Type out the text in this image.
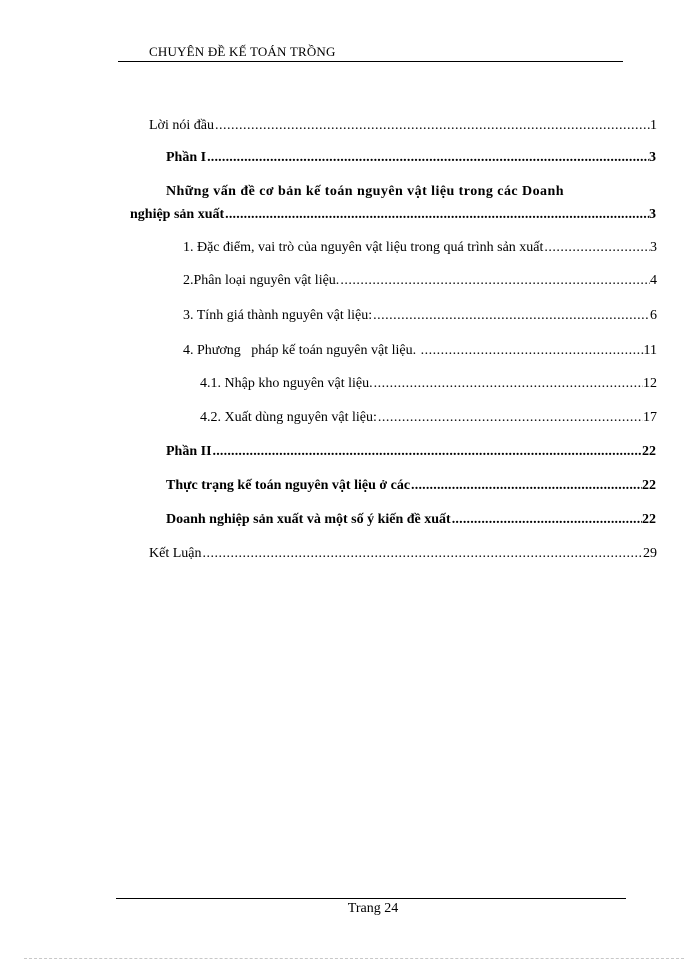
CHUYÊN ĐỀ KẾ TOÁN TRỒNG
Lời nói đầu .....	1
Phần I .....	3
Những vấn đề cơ bản kế toán nguyên vật liệu trong các Doanh
nghiệp sản xuất .....	3
1. Đặc điểm, vai trò của nguyên vật liệu trong quá trình sản xuất .....	3
2.Phân loại nguyên vật liệu. .....	4
3. Tính giá thành nguyên vật liệu: .....	6
4. Phương   pháp kế toán nguyên vật liệu. .....	11
4.1. Nhập kho nguyên vật liệu. .....	12
4.2. Xuất dùng nguyên vật liệu: .....	17
Phần II .....	22
Thực trạng kế toán nguyên vật liệu ở các .....	22
Doanh nghiệp sản xuất và một số ý kiến đề xuất .....	22
Kết Luận .....	29
Trang 24
